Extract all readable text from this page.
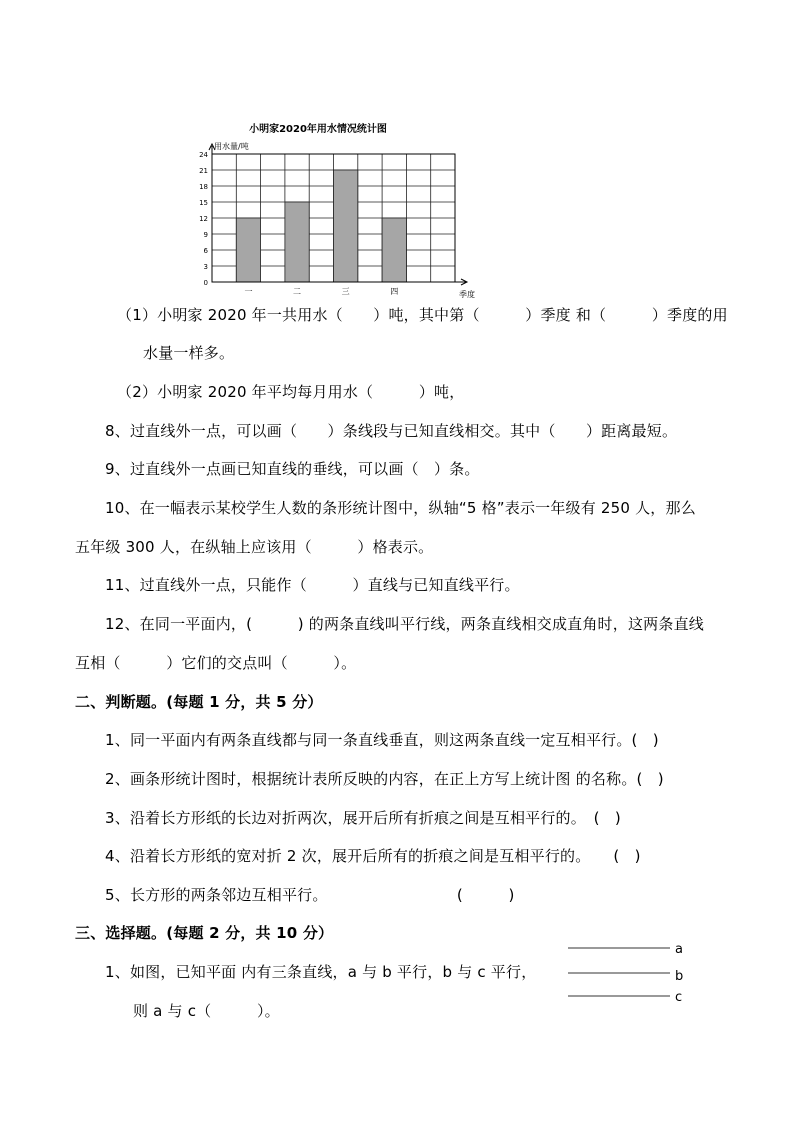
小明家2020年用水情况统计图
用水量/吨
季度
0
3
6
9
12
15
18
21
24
一	二	三	四
（1）小明家 2020 年一共用水（　　）吨，其中第（　　　）季度 和（　　　）季度的用
水量一样多。
（2）小明家 2020 年平均每月用水（　　　）吨，
8、过直线外一点，可以画（　　）条线段与已知直线相交。其中（　　）距离最短。
9、过直线外一点画已知直线的垂线，可以画（　）条。
10、在一幅表示某校学生人数的条形统计图中，纵轴“5 格”表示一年级有 250 人，那么
五年级 300 人，在纵轴上应该用（　　　）格表示。
11、过直线外一点，只能作（　　　）直线与已知直线平行。
12、在同一平面内，(　　　) 的两条直线叫平行线，两条直线相交成直角时，这两条直线
互相（　　　）它们的交点叫（　　　）。
二、判断题。(每题 1 分，共 5 分）
1、同一平面内有两条直线都与同一条直线垂直，则这两条直线一定互相平行。(　)
2、画条形统计图时，根据统计表所反映的内容，在正上方写上统计图 的名称。(　)
3、沿着长方形纸的长边对折两次，展开后所有折痕之间是互相平行的。　(　)
4、沿着长方形纸的宽对折 2 次，展开后所有的折痕之间是互相平行的。　　(　)
5、长方形的两条邻边互相平行。　　　　　　　　　(　　　)
三、选择题。(每题 2 分，共 10 分）
1、如图，已知平面 内有三条直线，a 与 b 平行，b 与 c 平行，
则 a 与 c（　　　）。
a
b
c
